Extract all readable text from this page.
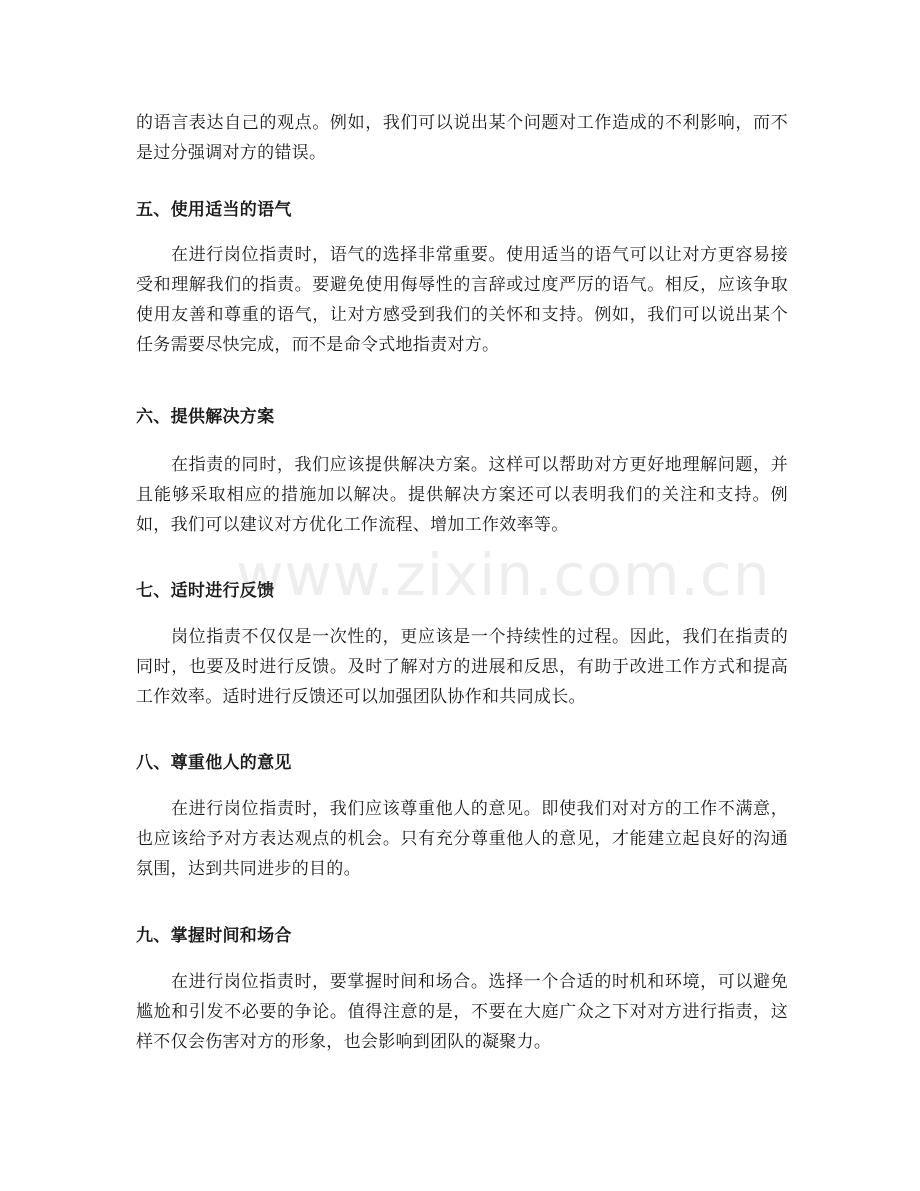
的语言表达自己的观点。例如，我们可以说出某个问题对工作造成的不利影响，而不是过分强调对方的错误。

五、使用适当的语气

在进行岗位指责时，语气的选择非常重要。使用适当的语气可以让对方更容易接受和理解我们的指责。要避免使用侮辱性的言辞或过度严厉的语气。相反，应该争取使用友善和尊重的语气，让对方感受到我们的关怀和支持。例如，我们可以说出某个任务需要尽快完成，而不是命令式地指责对方。

六、提供解决方案

在指责的同时，我们应该提供解决方案。这样可以帮助对方更好地理解问题，并且能够采取相应的措施加以解决。提供解决方案还可以表明我们的关注和支持。例如，我们可以建议对方优化工作流程、增加工作效率等。

七、适时进行反馈

岗位指责不仅仅是一次性的，更应该是一个持续性的过程。因此，我们在指责的同时，也要及时进行反馈。及时了解对方的进展和反思，有助于改进工作方式和提高工作效率。适时进行反馈还可以加强团队协作和共同成长。

八、尊重他人的意见

在进行岗位指责时，我们应该尊重他人的意见。即使我们对对方的工作不满意，也应该给予对方表达观点的机会。只有充分尊重他人的意见，才能建立起良好的沟通氛围，达到共同进步的目的。

九、掌握时间和场合

在进行岗位指责时，要掌握时间和场合。选择一个合适的时机和环境，可以避免尴尬和引发不必要的争论。值得注意的是，不要在大庭广众之下对对方进行指责，这样不仅会伤害对方的形象，也会影响到团队的凝聚力。

www.zixin.com.cn
